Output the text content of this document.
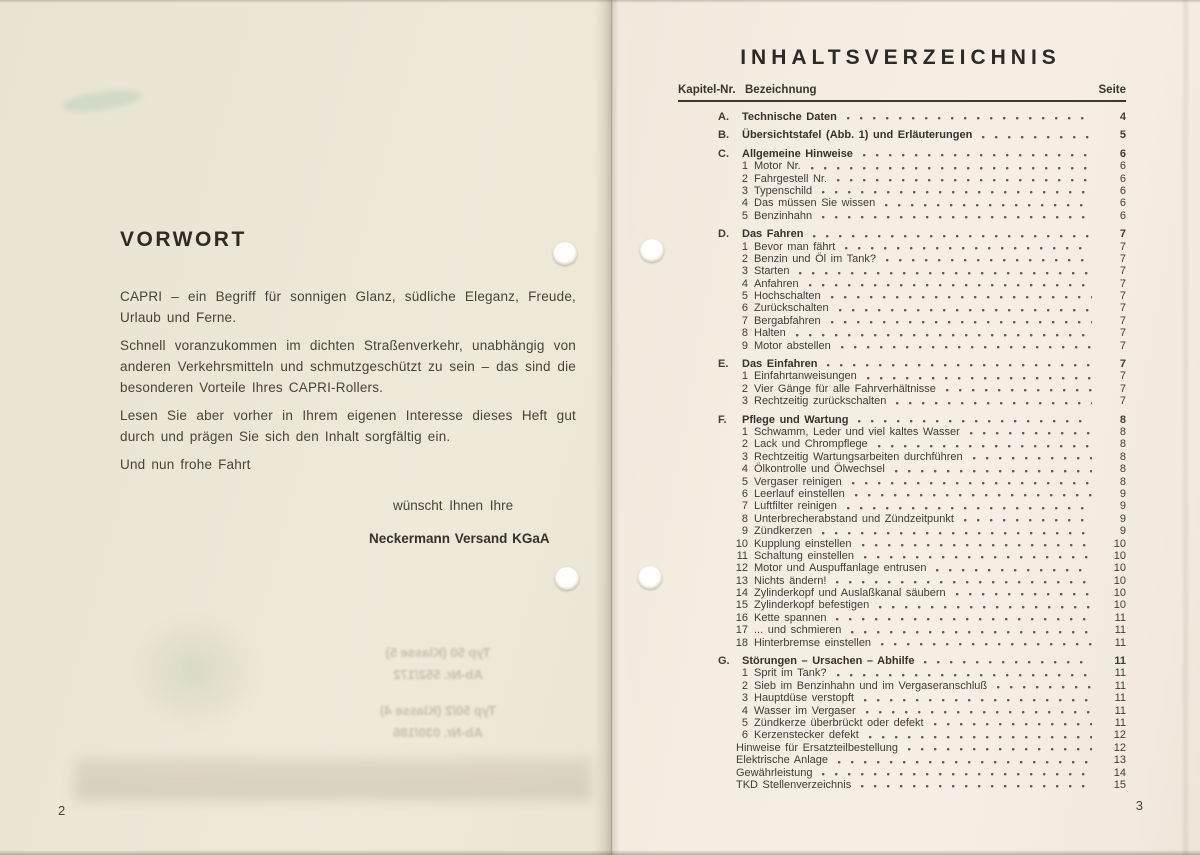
Typ 50 (Klasse 5)
Ab-Nr. 552/172
Typ 50/2 (Klasse 4)
Ab-Nr. 030/186
VORWORT

CAPRI – ein Begriff für sonnigen Glanz, südliche Eleganz, Freude, Urlaub und Ferne.

Schnell voranzukommen im dichten Straßenverkehr, unabhängig von anderen Verkehrsmitteln und schmutzgeschützt zu sein – das sind die besonderen Vorteile Ihres CAPRI-Rollers.

Lesen Sie aber vorher in Ihrem eigenen Interesse dieses Heft gut durch und prägen Sie sich den Inhalt sorgfältig ein.

Und nun frohe Fahrt

wünscht Ihnen Ihre
Neckermann Versand KGaA
2
INHALTSVERZEICHNIS
Kapitel-Nr. Bezeichnung	Seite
A.	Technische Daten	4
B.	Übersichtstafel (Abb. 1) und Erläuterungen	5
C.	Allgemeine Hinweise	6
1 Motor Nr.	6
2 Fahrgestell Nr.	6
3 Typenschild	6
4 Das müssen Sie wissen	6
5 Benzinhahn	6
D.	Das Fahren	7
1 Bevor man fährt	7
2 Benzin und Öl im Tank?	7
3 Starten	7
4 Anfahren	7
5 Hochschalten	7
6 Zurückschalten	7
7 Bergabfahren	7
8 Halten	7
9 Motor abstellen	7
E.	Das Einfahren	7
1 Einfahrtanweisungen	7
2 Vier Gänge für alle Fahrverhältnisse	7
3 Rechtzeitig zurückschalten	7
F.	Pflege und Wartung	8
1 Schwamm, Leder und viel kaltes Wasser	8
2 Lack und Chrompflege	8
3 Rechtzeitig Wartungsarbeiten durchführen	8
4 Ölkontrolle und Ölwechsel	8
5 Vergaser reinigen	8
6 Leerlauf einstellen	9
7 Luftfilter reinigen	9
8 Unterbrecherabstand und Zündzeitpunkt	9
9 Zündkerzen	9
10 Kupplung einstellen	10
11 Schaltung einstellen	10
12 Motor und Auspuffanlage entrusen	10
13 Nichts ändern!	10
14 Zylinderkopf und Auslaßkanal säubern	10
15 Zylinderkopf befestigen	10
16 Kette spannen	11
17 ... und schmieren	11
18 Hinterbremse einstellen	11
G.	Störungen – Ursachen – Abhilfe	11
1 Sprit im Tank?	11
2 Sieb im Benzinhahn und im Vergaseranschluß	11
3 Hauptdüse verstopft	11
4 Wasser im Vergaser	11
5 Zündkerze überbrückt oder defekt	11
6 Kerzenstecker defekt	12
Hinweise für Ersatzteilbestellung	12
Elektrische Anlage	13
Gewährleistung	14
TKD Stellenverzeichnis	15
3
